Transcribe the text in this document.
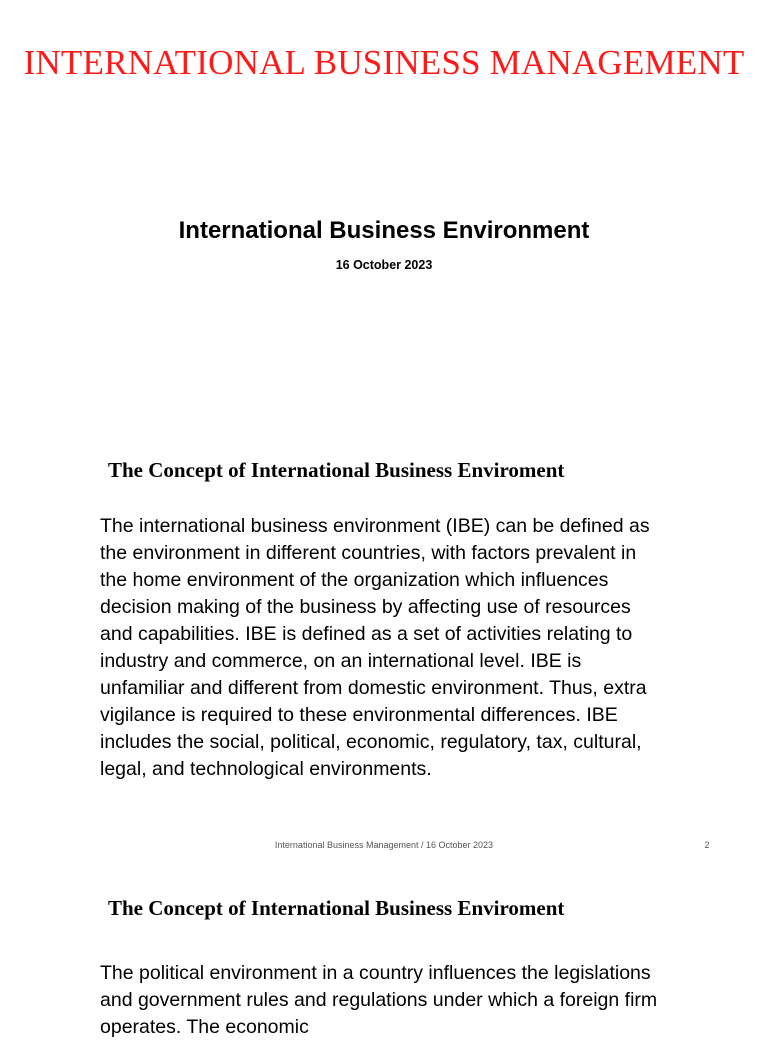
INTERNATIONAL BUSINESS MANAGEMENT
International Business Environment
16 October 2023
The Concept of International Business Enviroment

The international business environment (IBE) can be defined as the environment in different countries, with factors prevalent in the home environment of the organization which influences decision making of the business by affecting use of resources and capabilities. IBE is defined as a set of activities relating to industry and commerce, on an international level. IBE is unfamiliar and different from domestic environment. Thus, extra vigilance is required to these environmental differences. IBE includes the social, political, economic, regulatory, tax, cultural, legal, and technological environments.

International Business Management / 16 October 2023	2
The Concept of International Business Enviroment

The political environment in a country influences the legislations and government rules and regulations under which a foreign firm operates. The economic
